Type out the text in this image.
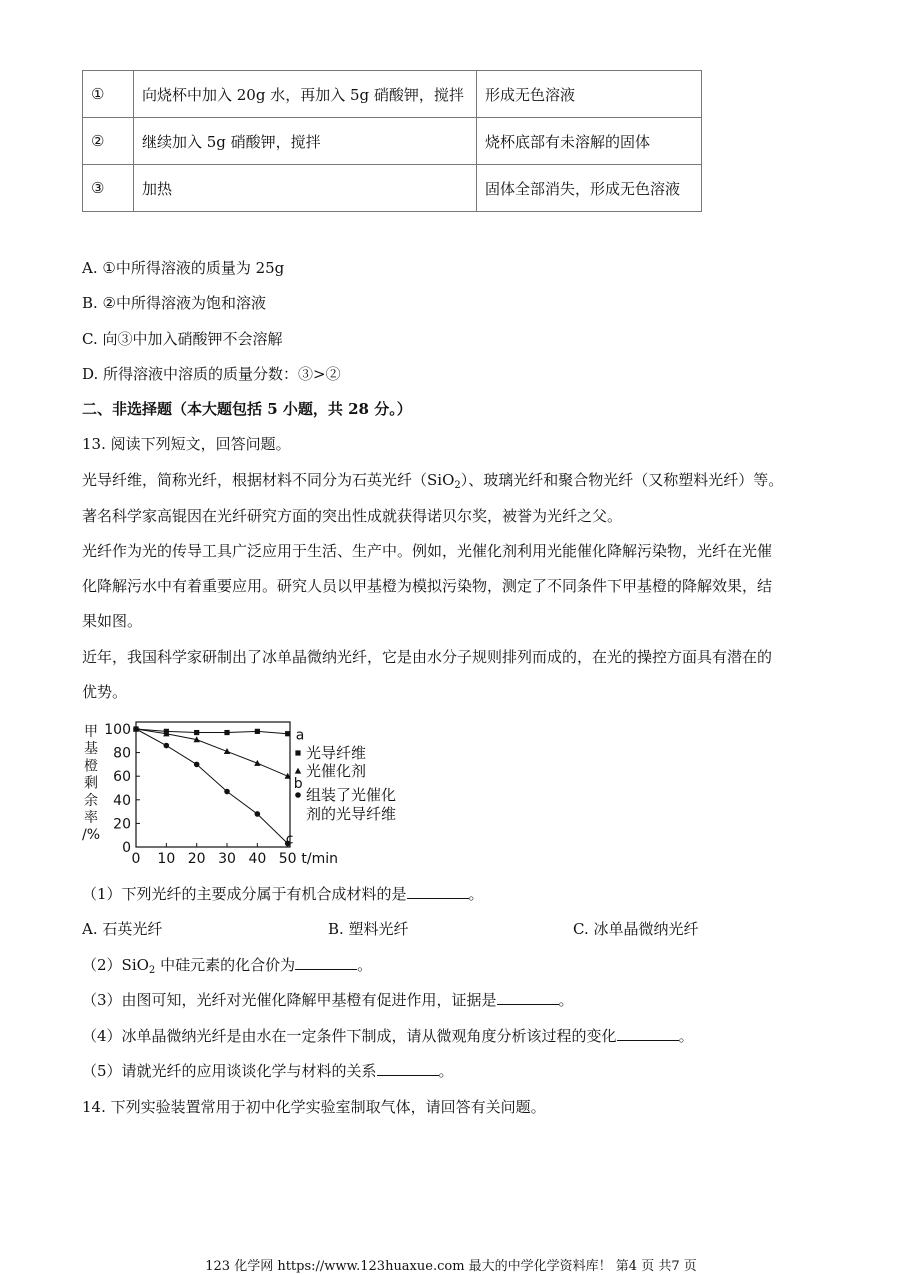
①	向烧杯中加入 20g 水，再加入 5g 硝酸钾，搅拌	形成无色溶液
②	继续加入 5g 硝酸钾，搅拌	烧杯底部有未溶解的固体
③	加热	固体全部消失，形成无色溶液
A. ①中所得溶液的质量为 25g
B. ②中所得溶液为饱和溶液
C. 向③中加入硝酸钾不会溶解
D. 所得溶液中溶质的质量分数：③>②
二、非选择题（本大题包括 5 小题，共 28 分。）
13. 阅读下列短文，回答问题。
光导纤维，简称光纤，根据材料不同分为石英光纤（SiO$_2$）、玻璃光纤和聚合物光纤（又称塑料光纤）等。
著名科学家高锟因在光纤研究方面的突出性成就获得诺贝尔奖，被誉为光纤之父。
光纤作为光的传导工具广泛应用于生活、生产中。例如，光催化剂利用光能催化降解污染物，光纤在光催
化降解污水中有着重要应用。研究人员以甲基橙为模拟污染物，测定了不同条件下甲基橙的降解效果，结
果如图。
近年，我国科学家研制出了冰单晶微纳光纤，它是由水分子规则排列而成的，在光的操控方面具有潜在的
优势。
甲
基
橙
剩
余
率
/%
0
20
40
60
80
100
0 10 20 30 40 50 t/min
a
b
c
光导纤维
光催化剂
组装了光催化
剂的光导纤维
（1）下列光纤的主要成分属于有机合成材料的是	。
A. 石英光纤	B. 塑料光纤	C. 冰单晶微纳光纤
（2）SiO$_2$ 中硅元素的化合价为	。
（3）由图可知，光纤对光催化降解甲基橙有促进作用，证据是	。
（4）冰单晶微纳光纤是由水在一定条件下制成，请从微观角度分析该过程的变化	。
（5）请就光纤的应用谈谈化学与材料的关系	。
14. 下列实验装置常用于初中化学实验室制取气体，请回答有关问题。
123 化学网 https://www.123huaxue.com 最大的中学化学资料库！ 第4 页 共7 页
